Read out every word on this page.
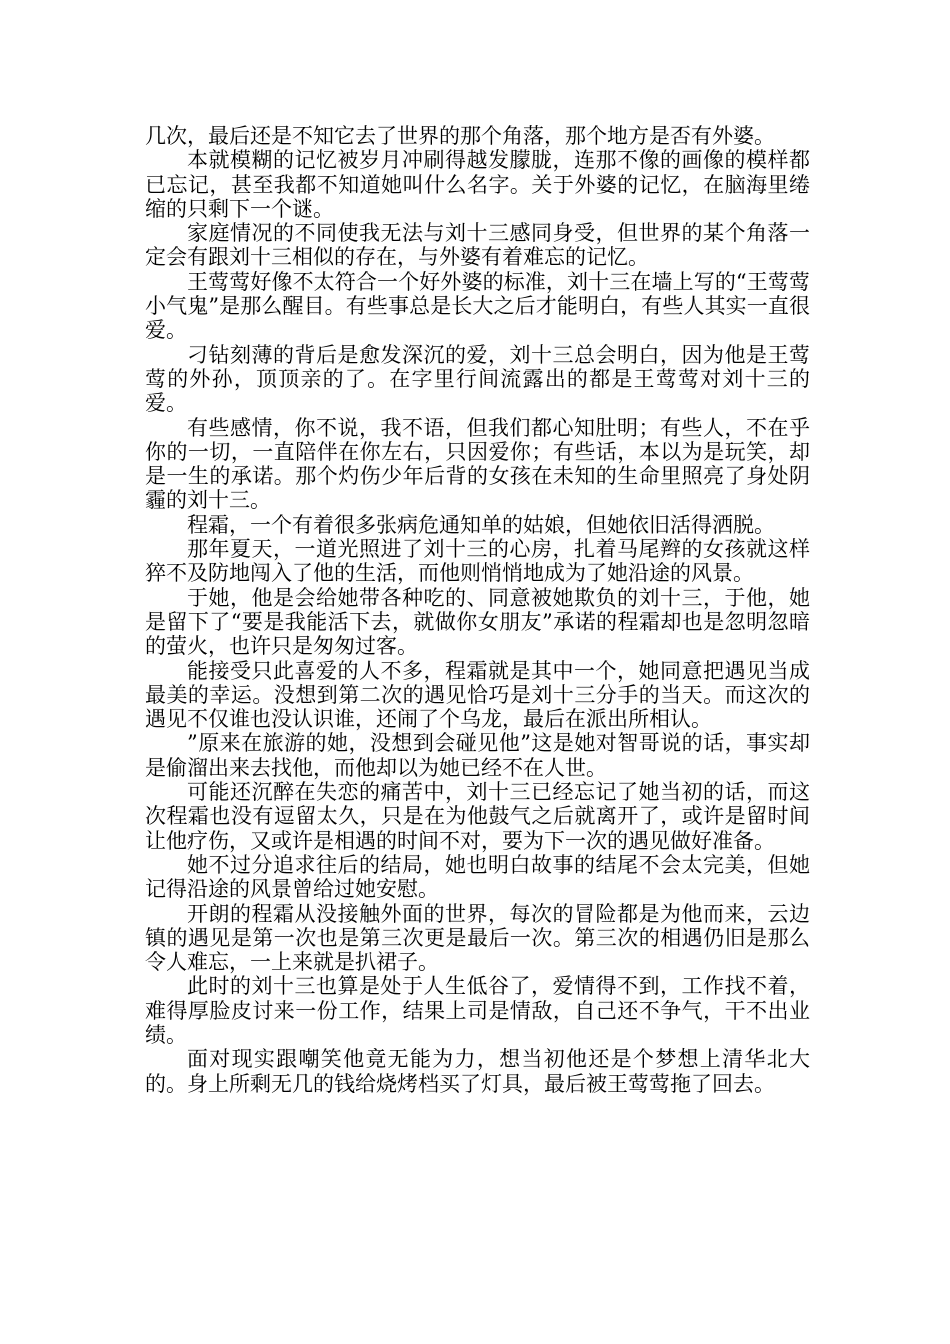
几次，最后还是不知它去了世界的那个角落，那个地方是否有外婆。

本就模糊的记忆被岁月冲刷得越发朦胧，连那不像的画像的模样都已忘记，甚至我都不知道她叫什么名字。关于外婆的记忆，在脑海里绻缩的只剩下一个谜。

家庭情况的不同使我无法与刘十三感同身受，但世界的某个角落一定会有跟刘十三相似的存在，与外婆有着难忘的记忆。

王莺莺好像不太符合一个好外婆的标准，刘十三在墙上写的“王莺莺小气鬼”是那么醒目。有些事总是长大之后才能明白，有些人其实一直很爱。

刁钻刻薄的背后是愈发深沉的爱，刘十三总会明白，因为他是王莺莺的外孙，顶顶亲的了。在字里行间流露出的都是王莺莺对刘十三的爱。

有些感情，你不说，我不语，但我们都心知肚明；有些人，不在乎你的一切，一直陪伴在你左右，只因爱你；有些话，本以为是玩笑，却是一生的承诺。那个灼伤少年后背的女孩在未知的生命里照亮了身处阴霾的刘十三。

程霜，一个有着很多张病危通知单的姑娘，但她依旧活得洒脱。

那年夏天，一道光照进了刘十三的心房，扎着马尾辫的女孩就这样猝不及防地闯入了他的生活，而他则悄悄地成为了她沿途的风景。

于她，他是会给她带各种吃的、同意被她欺负的刘十三，于他，她是留下了“要是我能活下去，就做你女朋友”承诺的程霜却也是忽明忽暗的萤火，也许只是匆匆过客。

能接受只此喜爱的人不多，程霜就是其中一个，她同意把遇见当成最美的幸运。没想到第二次的遇见恰巧是刘十三分手的当天。而这次的遇见不仅谁也没认识谁，还闹了个乌龙，最后在派出所相认。

”原来在旅游的她，没想到会碰见他”这是她对智哥说的话，事实却是偷溜出来去找他，而他却以为她已经不在人世。

可能还沉醉在失恋的痛苦中，刘十三已经忘记了她当初的话，而这次程霜也没有逗留太久，只是在为他鼓气之后就离开了，或许是留时间让他疗伤，又或许是相遇的时间不对，要为下一次的遇见做好准备。

她不过分追求往后的结局，她也明白故事的结尾不会太完美，但她记得沿途的风景曾给过她安慰。

开朗的程霜从没接触外面的世界，每次的冒险都是为他而来，云边镇的遇见是第一次也是第三次更是最后一次。第三次的相遇仍旧是那么令人难忘，一上来就是扒裙子。

此时的刘十三也算是处于人生低谷了，爱情得不到，工作找不着，难得厚脸皮讨来一份工作，结果上司是情敌，自己还不争气，干不出业绩。

面对现实跟嘲笑他竟无能为力，想当初他还是个梦想上清华北大的。身上所剩无几的钱给烧烤档买了灯具，最后被王莺莺拖了回去。
